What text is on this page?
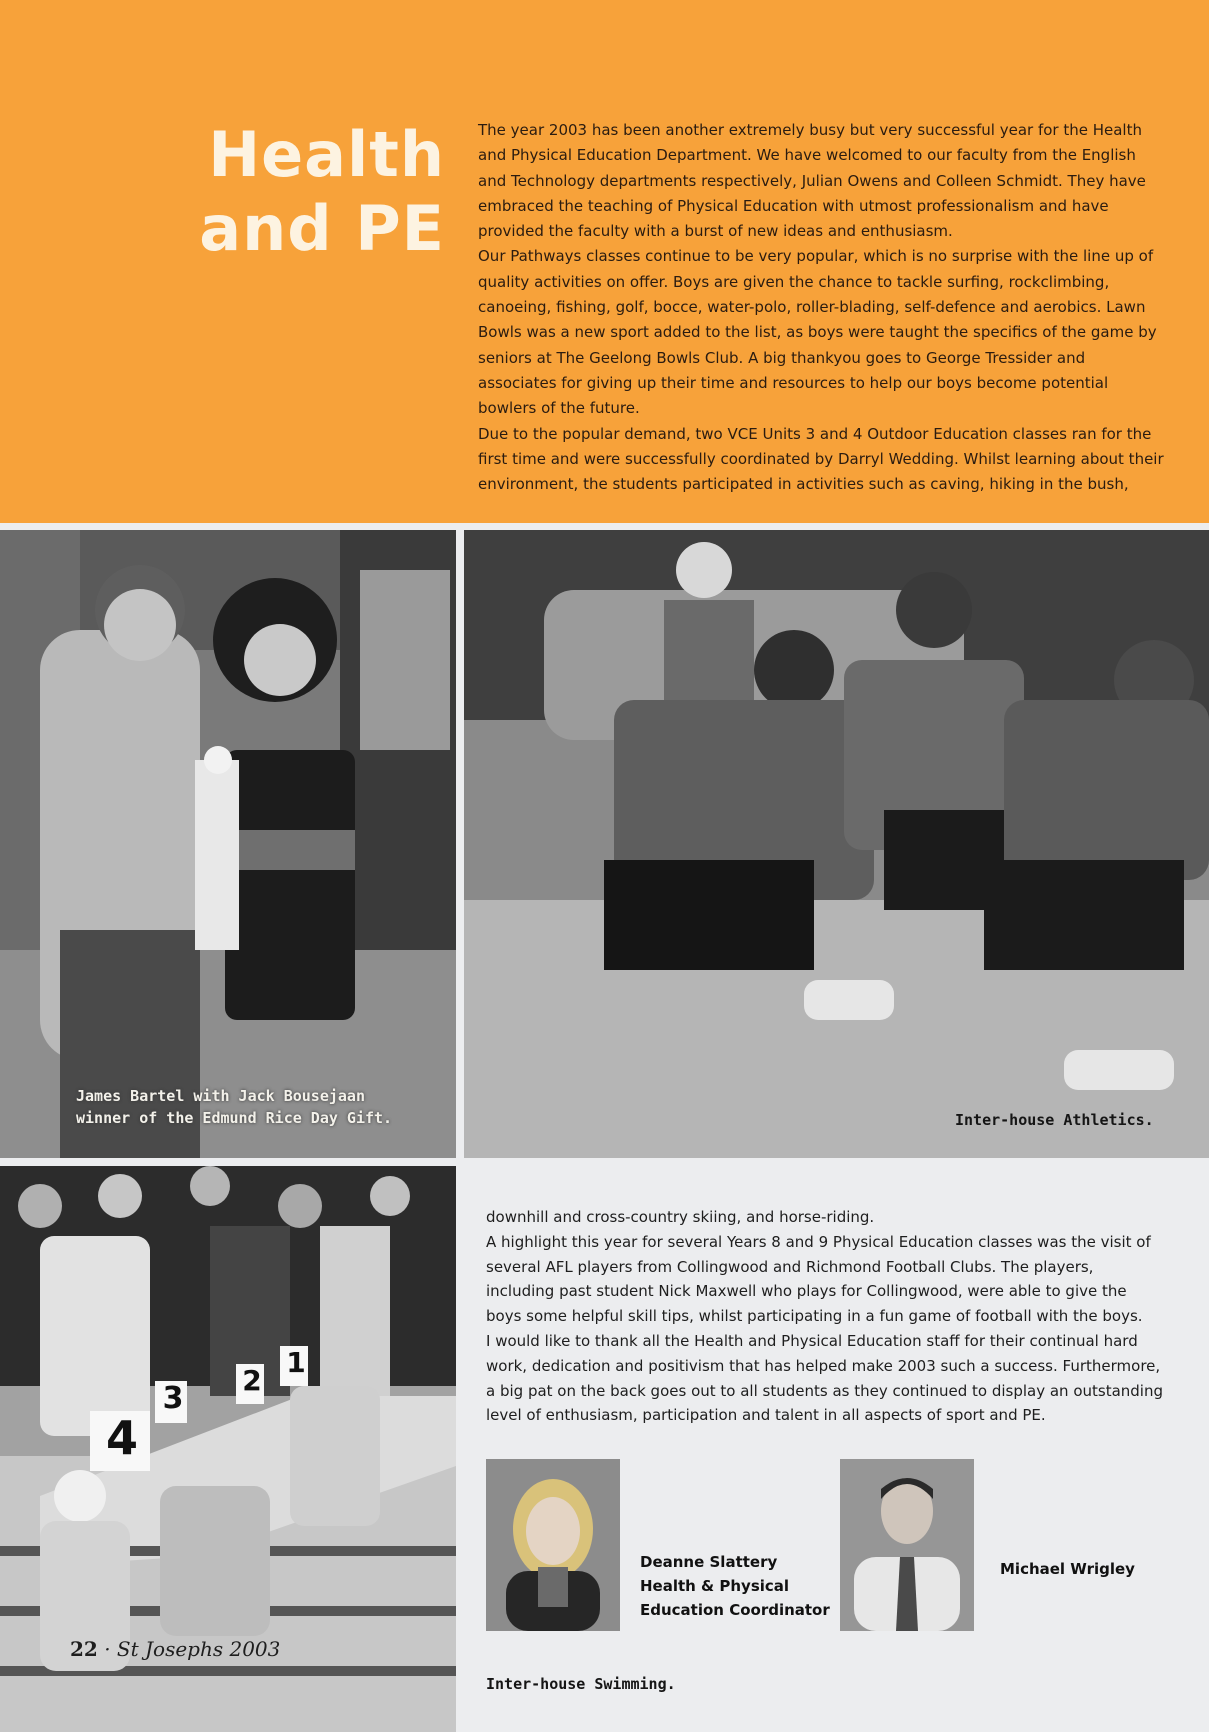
Health
and PE

The year 2003 has been another extremely busy but very successful year for the Health and Physical Education Department. We have welcomed to our faculty from the English and Technology departments respectively, Julian Owens and Colleen Schmidt. They have embraced the teaching of Physical Education with utmost professionalism and have provided the faculty with a burst of new ideas and enthusiasm.

Our Pathways classes continue to be very popular, which is no surprise with the line up of quality activities on offer. Boys are given the chance to tackle surfing, rockclimbing, canoeing, fishing, golf, bocce, water-polo, roller-blading, self-defence and aerobics. Lawn Bowls was a new sport added to the list, as boys were taught the specifics of the game by seniors at The Geelong Bowls Club. A big thankyou goes to George Tressider and associates for giving up their time and resources to help our boys become potential bowlers of the future.

Due to the popular demand, two VCE Units 3 and 4 Outdoor Education classes ran for the first time and were successfully coordinated by Darryl Wedding. Whilst learning about their environment, the students participated in activities such as caving, hiking in the bush,

James Bartel with Jack Bousejaan
winner of the Edmund Rice Day Gift.	Inter-house Athletics.
1
2
3
4

downhill and cross-country skiing, and horse-riding.

A highlight this year for several Years 8 and 9 Physical Education classes was the visit of several AFL players from Collingwood and Richmond Football Clubs. The players, including past student Nick Maxwell who plays for Collingwood, were able to give the boys some helpful skill tips, whilst participating in a fun game of football with the boys.

I would like to thank all the Health and Physical Education staff for their continual hard work, dedication and positivism that has helped make 2003 such a success. Furthermore, a big pat on the back goes out to all students as they continued to display an outstanding level of enthusiasm, participation and talent in all aspects of sport and PE.

Deanne Slattery
Health & Physical
Education Coordinator
Michael Wrigley
Inter-house Swimming.
22 · St Josephs 2003
